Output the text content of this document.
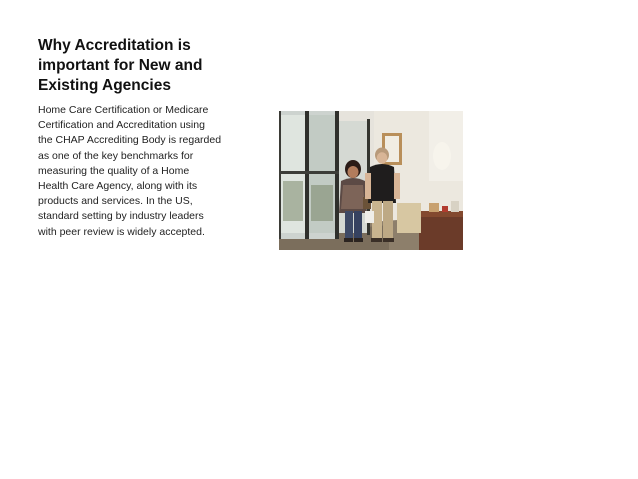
Why Accreditation is
important for New and
Existing Agencies
Home Care Certification or Medicare
Certification and Accreditation using
the CHAP Accrediting Body is regarded
as one of the key benchmarks for
measuring the quality of a Home
Health Care Agency, along with its
products and services. In the US,
standard setting by industry leaders
with peer review is widely accepted.
